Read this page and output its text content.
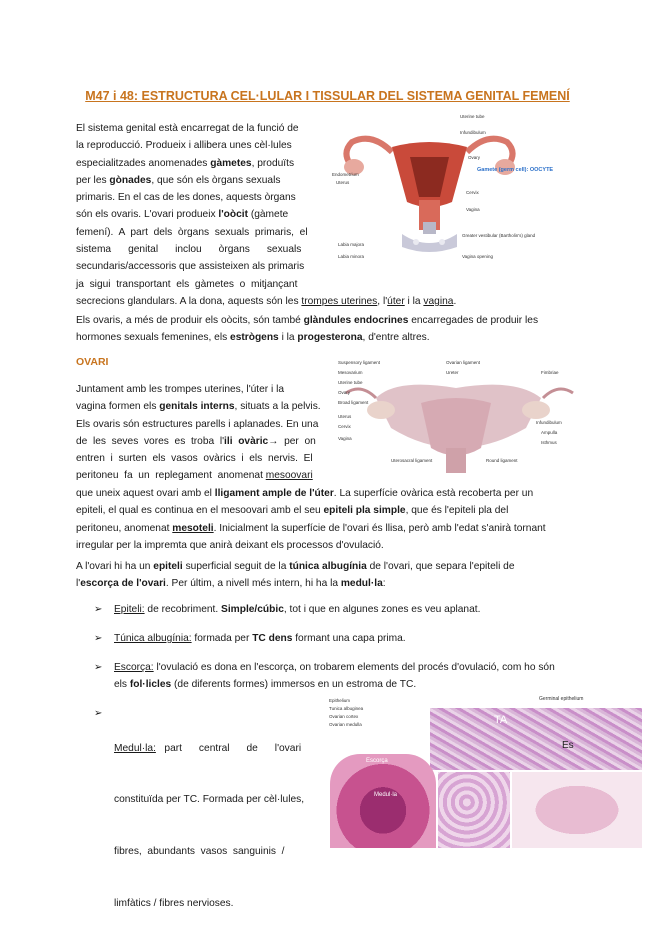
M47 i 48: ESTRUCTURA CEL·LULAR I TISSULAR DEL SISTEMA GENITAL FEMENÍ
Uterine tube
Infundibulum
Ovary
Gamete (germ cell): OOCYTE
Endometrium
Uterus
Cervix
Vagina
Labia majora
Labia minora
Greater vestibular (Bartholin's) gland
Vagina opening
El sistema genital està encarregat de la funció de
la reproducció. Produeix i allibera unes cèl·lules
especialitzades anomenades gàmetes, produïts
per les gònades, que són els òrgans sexuals
primaris. En el cas de les dones, aquests òrgans
són els ovaris. L'ovari produeix l'oòcit (gàmete
femení).  A  part  dels  òrgans  sexuals  primaris,  el
sistema      genital      inclou      òrgans      sexuals
secundaris/accessoris que assisteixen als primaris
ja  sigui  transportant  els  gàmetes  o  mitjançant
secrecions glandulars. A la dona, aquests són les trompes uterines, l'úter i la vagina.
Els ovaris, a més de produir els oòcits, són també glàndules endocrines encarregades de produir les
hormones sexuals femenines, els estrògens i la progesterona, d'entre altres.
OVARI	Suspensory ligament
Mesovarium
Uterine tube
Ovary
Broad ligament
Uterus
Cervix
Vagina
Ovarian ligament
Ureter
Uterosacral ligament	Round ligament
Fimbriae
Infundibulum
Ampulla
Isthmus
Juntament amb les trompes uterines, l'úter i la
vagina formen els genitals interns, situats a la pelvis.
Els ovaris són estructures parells i aplanades. En una
de  les  seves  vores  es  troba  l'ili  ovàric→  per  on
entren  i  surten  els  vasos  ovàrics  i  els  nervis.  El
peritoneu  fa  un  replegament  anomenat mesoovari
que uneix aquest ovari amb el lligament ample de l'úter. La superfície ovàrica està recoberta per un
epiteli, el qual es continua en el mesoovari amb el seu epiteli pla simple, que és l'epiteli pla del
peritoneu, anomenat mesoteli. Inicialment la superfície de l'ovari és llisa, però amb l'edat s'anirà tornant
irregular per la impremta que anirà deixant els processos d'ovulació.
A l'ovari hi ha un epiteli superficial seguit de la túnica albugínia de l'ovari, que separa l'epiteli de
l'escorça de l'ovari. Per últim, a nivell més intern, hi ha la medul·la:
➢ Epiteli: de recobriment. Simple/cúbic, tot i que en algunes zones es veu aplanat.
➢ Túnica albugínia: formada per TC dens formant una capa prima.
➢ Escorça: l'ovulació es dona en l'escorça, on trobarem elements del procés d'ovulació, com ho són
els fol·licles (de diferents formes) immersos en un estroma de TC.
➢

Medul·la:   part      central      de      l'ovari

constituïda per TC. Formada per cèl·lules,

fibres,  abundants  vasos  sanguinis  /

limfàtics / fibres nervioses.

Epithelium
Tunica albuginea
Ovarian cortex
Ovarian medulla
Germinal epithelium
TA
Es
Medul·la
Escorça
